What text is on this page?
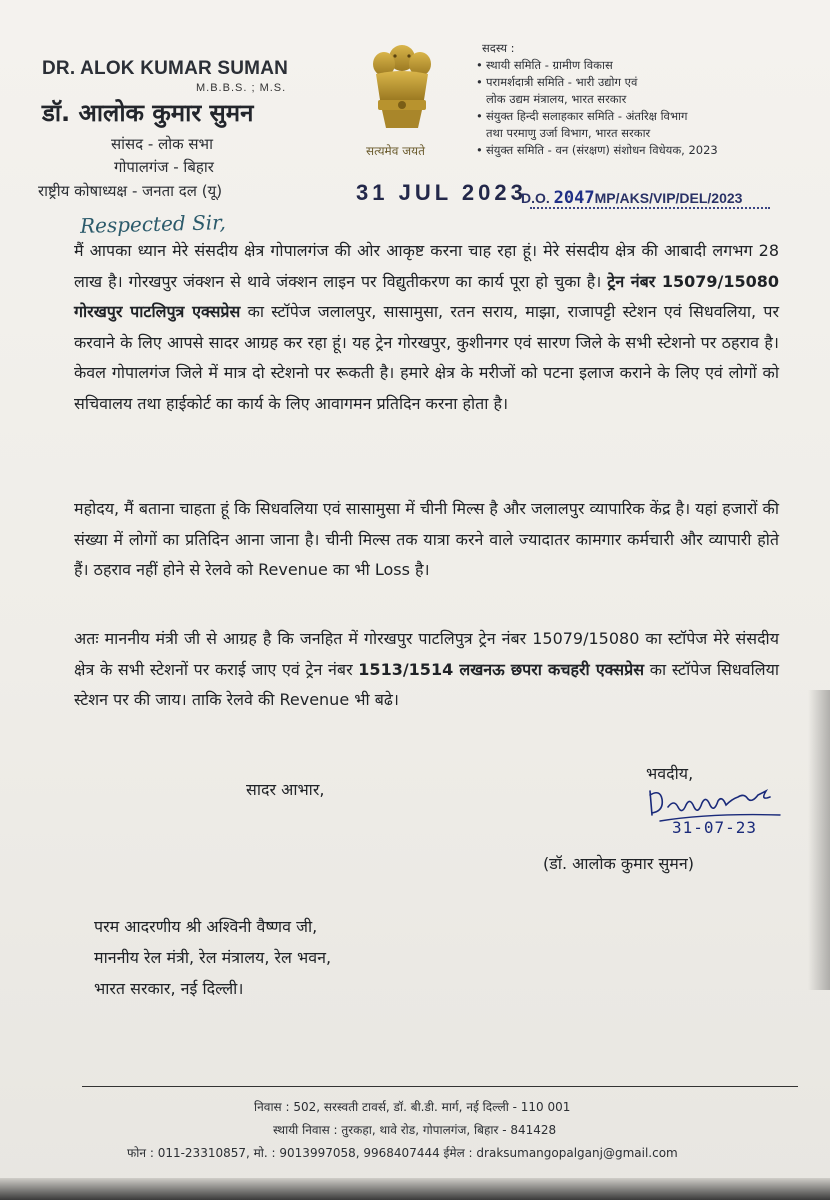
DR. ALOK KUMAR SUMAN
M.B.B.S. ; M.S.
डॉ. आलोक कुमार सुमन
सांसद - लोक सभा
गोपालगंज - बिहार
राष्ट्रीय कोषाध्यक्ष - जनता दल (यू)
सत्यमेव जयते
सदस्य :
• स्थायी समिति - ग्रामीण विकास
• परामर्शदात्री समिति - भारी उद्योग एवं
लोक उद्यम मंत्रालय, भारत सरकार
• संयुक्त हिन्दी सलाहकार समिति - अंतरिक्ष विभाग
तथा परमाणु उर्जा विभाग, भारत सरकार
• संयुक्त समिति - वन (संरक्षण) संशोधन विधेयक, 2023
31 JUL 2023
D.O. 2047MP/AKS/VIP/DEL/2023
Respected Sir,
मैं आपका ध्यान मेरे संसदीय क्षेत्र गोपालगंज की ओर आकृष्ट करना चाह रहा हूं। मेरे संसदीय क्षेत्र की आबादी लगभग 28 लाख है। गोरखपुर जंक्शन से थावे जंक्शन लाइन पर विद्युतीकरण का कार्य पूरा हो चुका है। ट्रेन नंबर 15079/15080 गोरखपुर पाटलिपुत्र एक्सप्रेस का स्टॉपेज जलालपुर, सासामुसा, रतन सराय, माझा, राजापट्टी स्टेशन एवं सिधवलिया, पर करवाने के लिए आपसे सादर आग्रह कर रहा हूं। यह ट्रेन गोरखपुर, कुशीनगर एवं सारण जिले के सभी स्टेशनो पर ठहराव है। केवल गोपालगंज जिले में मात्र दो स्टेशनो पर रूकती है। हमारे क्षेत्र के मरीजों को पटना इलाज कराने के लिए एवं लोगों को सचिवालय तथा हाईकोर्ट का कार्य के लिए आवागमन प्रतिदिन करना होता है।
महोदय, मैं बताना चाहता हूं कि सिधवलिया एवं सासामुसा में चीनी मिल्स है और जलालपुर व्यापारिक केंद्र है। यहां हजारों की संख्या में लोगों का प्रतिदिन आना जाना है। चीनी मिल्स तक यात्रा करने वाले ज्यादातर कामगार कर्मचारी और व्यापारी होते हैं। ठहराव नहीं होने से रेलवे को Revenue का भी Loss है।
अतः माननीय मंत्री जी से आग्रह है कि जनहित में गोरखपुर पाटलिपुत्र ट्रेन नंबर 15079/15080 का स्टॉपेज मेरे संसदीय क्षेत्र के सभी स्टेशनों पर कराई जाए एवं ट्रेन नंबर 1513/1514 लखनऊ छपरा कचहरी एक्सप्रेस का स्टॉपेज सिधवलिया स्टेशन पर की जाय। ताकि रेलवे की Revenue भी बढे।
सादर आभार,
भवदीय,
31-07-23
(डॉ. आलोक कुमार सुमन)
परम आदरणीय श्री अश्विनी वैष्णव जी,
माननीय रेल मंत्री, रेल मंत्रालय, रेल भवन,
भारत सरकार, नई दिल्ली।
निवास : 502, सरस्वती टावर्स, डॉ. बी.डी. मार्ग, नई दिल्ली - 110 001
स्थायी निवास : तुरकहा, थावे रोड, गोपालगंज, बिहार - 841428
फोन : 011-23310857, मो. : 9013997058, 9968407444 ईमेल : draksumangopalganj@gmail.com
